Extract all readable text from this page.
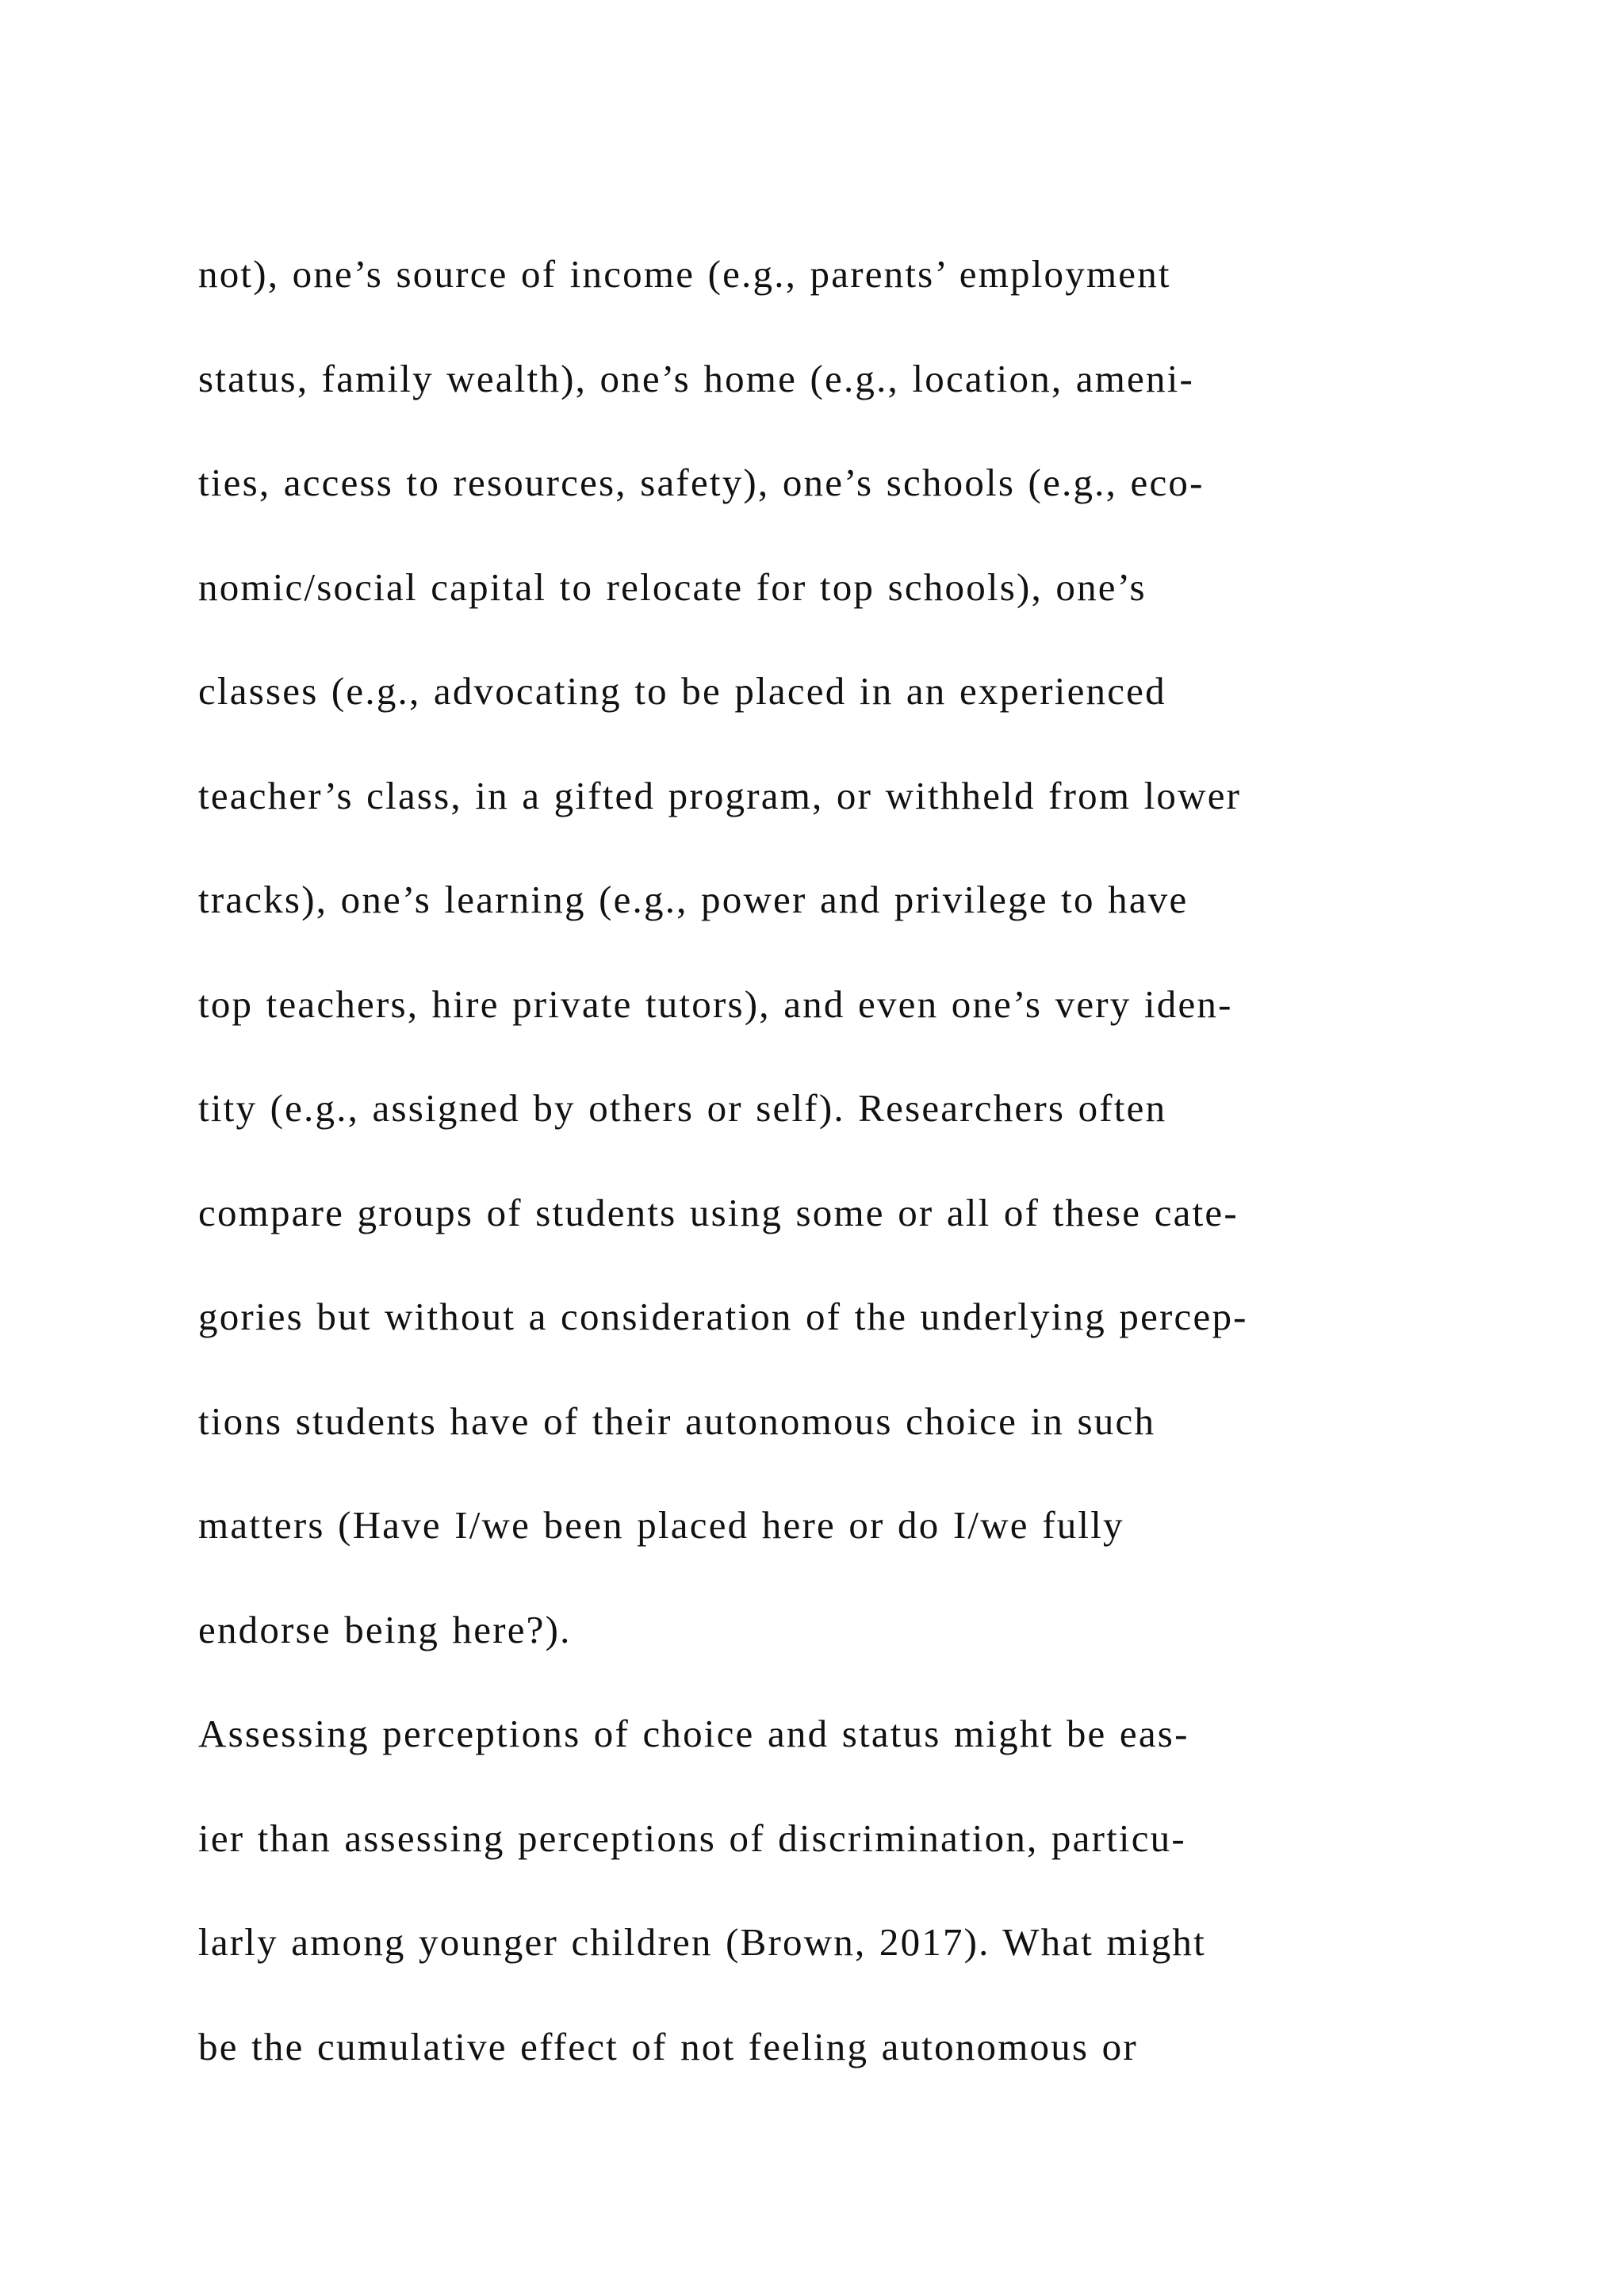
not), one’s source of income (e.g., parents’ employment
status, family wealth), one’s home (e.g., location, ameni-
ties, access to resources, safety), one’s schools (e.g., eco-
nomic/social capital to relocate for top schools), one’s
classes (e.g., advocating to be placed in an experienced
teacher’s class, in a gifted program, or withheld from lower
tracks), one’s learning (e.g., power and privilege to have
top teachers, hire private tutors), and even one’s very iden-
tity (e.g., assigned by others or self). Researchers often
compare groups of students using some or all of these cate-
gories but without a consideration of the underlying percep-
tions students have of their autonomous choice in such
matters (Have I/we been placed here or do I/we fully
endorse being here?).
Assessing perceptions of choice and status might be eas-
ier than assessing perceptions of discrimination, particu-
larly among younger children (Brown, 2017). What might
be the cumulative effect of not feeling autonomous or
